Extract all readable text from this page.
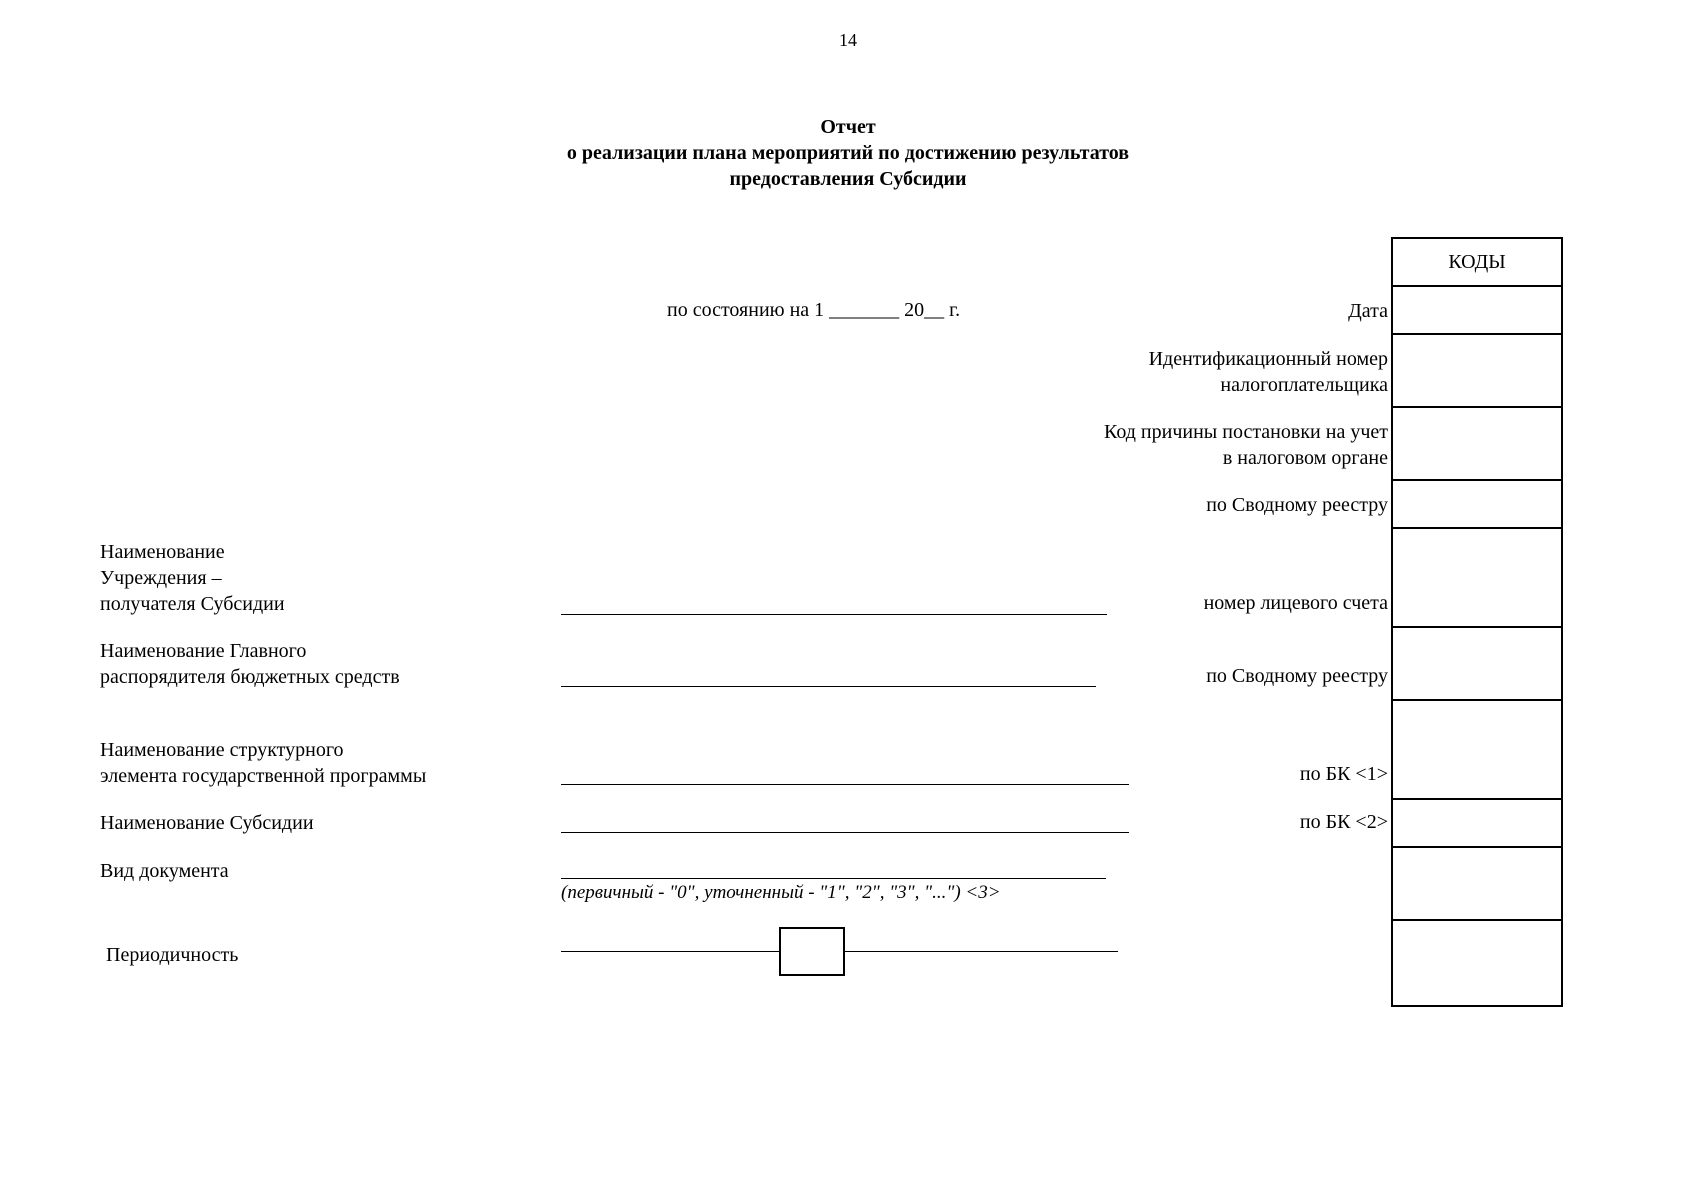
14
Отчет
о реализации плана мероприятий по достижению результатов
предоставления Субсидии
по состоянию на 1 _______ 20__ г.
КОДЫ
Дата
Идентификационный номер
налогоплательщика
Код причины постановки на учет
в налоговом органе
по Сводному реестру
номер лицевого счета
по Сводному реестру
по БК <1>
по БК <2>
Наименование
Учреждения –
получателя Субсидии
Наименование Главного
распорядителя бюджетных средств
Наименование структурного
элемента государственной программы
Наименование Субсидии
Вид документа
Периодичность
(первичный - "0", уточненный - "1", "2", "3", "...") <3>
